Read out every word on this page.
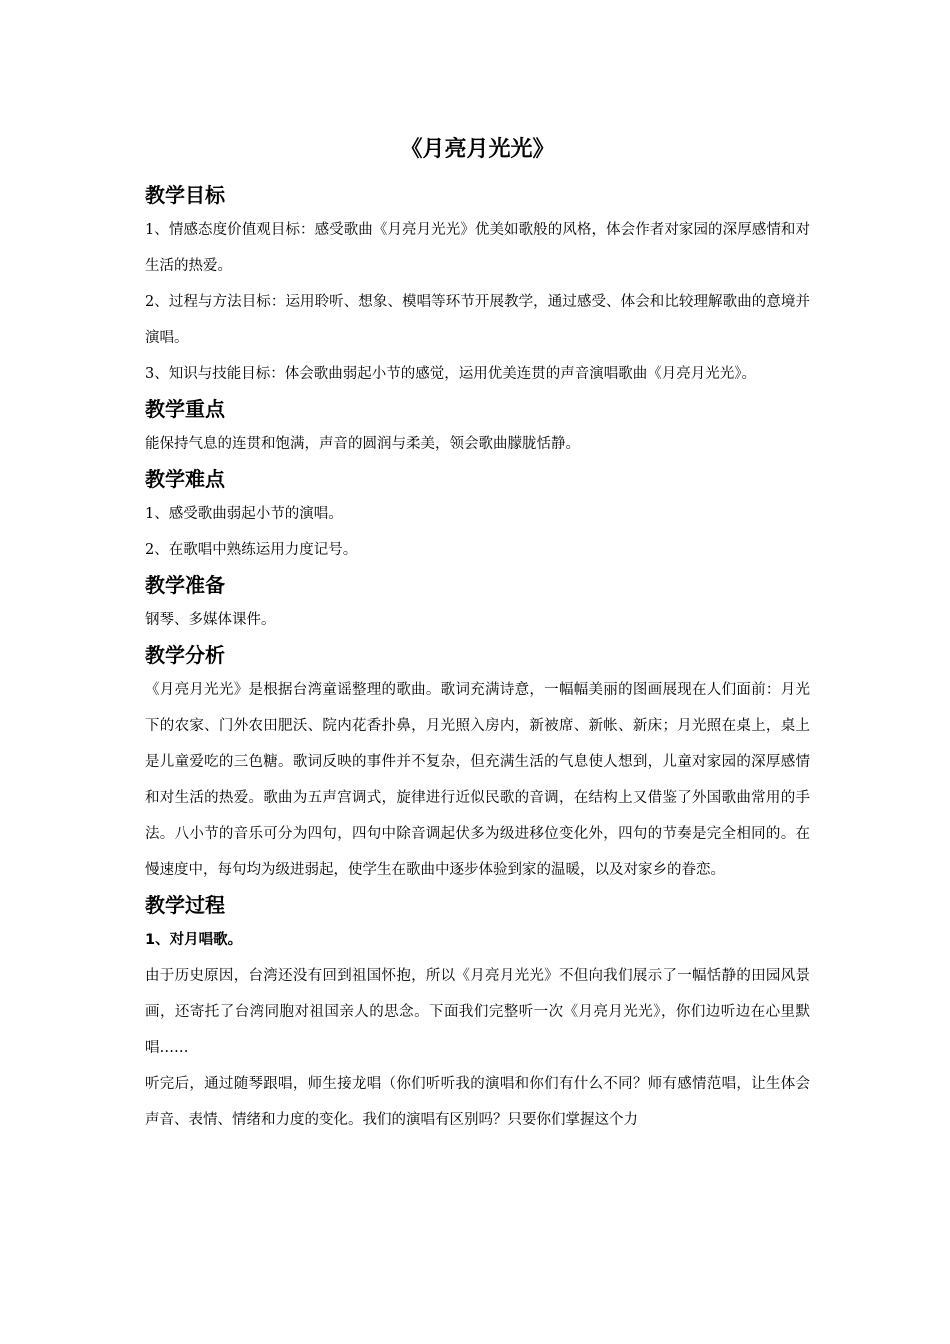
《月亮月光光》
教学目标

1、情感态度价值观目标：感受歌曲《月亮月光光》优美如歌般的风格，体会作者对家园的深厚感情和对生活的热爱。

2、过程与方法目标：运用聆听、想象、模唱等环节开展教学，通过感受、体会和比较理解歌曲的意境并演唱。

3、知识与技能目标：体会歌曲弱起小节的感觉，运用优美连贯的声音演唱歌曲《月亮月光光》。

教学重点

能保持气息的连贯和饱满，声音的圆润与柔美，领会歌曲朦胧恬静。

教学难点

1、感受歌曲弱起小节的演唱。

2、在歌唱中熟练运用力度记号。

教学准备

钢琴、多媒体课件。

教学分析

《月亮月光光》是根据台湾童谣整理的歌曲。歌词充满诗意，一幅幅美丽的图画展现在人们面前：月光下的农家、门外农田肥沃、院内花香扑鼻，月光照入房内，新被席、新帐、新床；月光照在桌上，桌上是儿童爱吃的三色糖。歌词反映的事件并不复杂，但充满生活的气息使人想到，儿童对家园的深厚感情和对生活的热爱。歌曲为五声宫调式，旋律进行近似民歌的音调，在结构上又借鉴了外国歌曲常用的手法。八小节的音乐可分为四句，四句中除音调起伏多为级进移位变化外，四句的节奏是完全相同的。在慢速度中，每句均为级进弱起，使学生在歌曲中逐步体验到家的温暖，以及对家乡的眷恋。

教学过程
1、对月唱歌。

由于历史原因，台湾还没有回到祖国怀抱，所以《月亮月光光》不但向我们展示了一幅恬静的田园风景画，还寄托了台湾同胞对祖国亲人的思念。下面我们完整听一次《月亮月光光》，你们边听边在心里默唱……

听完后，通过随琴跟唱，师生接龙唱（你们听听我的演唱和你们有什么不同？师有感情范唱，让生体会声音、表情、情绪和力度的变化。我们的演唱有区别吗？只要你们掌握这个力
